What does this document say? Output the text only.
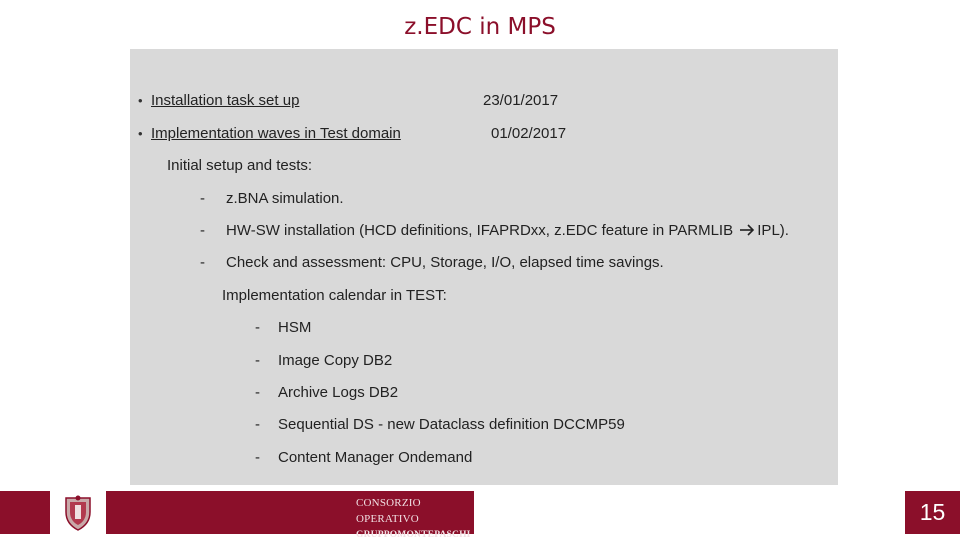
z.EDC in MPS
• Installation task set up	23/01/2017
• Implementation waves in Test domain	01/02/2017
Initial setup and tests:
- z.BNA simulation.
- HW-SW installation (HCD definitions, IFAPRDxx, z.EDC feature in PARMLIB IPL).
- Check and assessment: CPU, Storage, I/O, elapsed time savings.
Implementation calendar in TEST:
- HSM
- Image Copy DB2
- Archive Logs DB2
- Sequential DS - new Dataclass definition DCCMP59
- Content Manager Ondemand
CONSORZIO OPERATIVO
GRUPPOMONTEPASCHI
15
